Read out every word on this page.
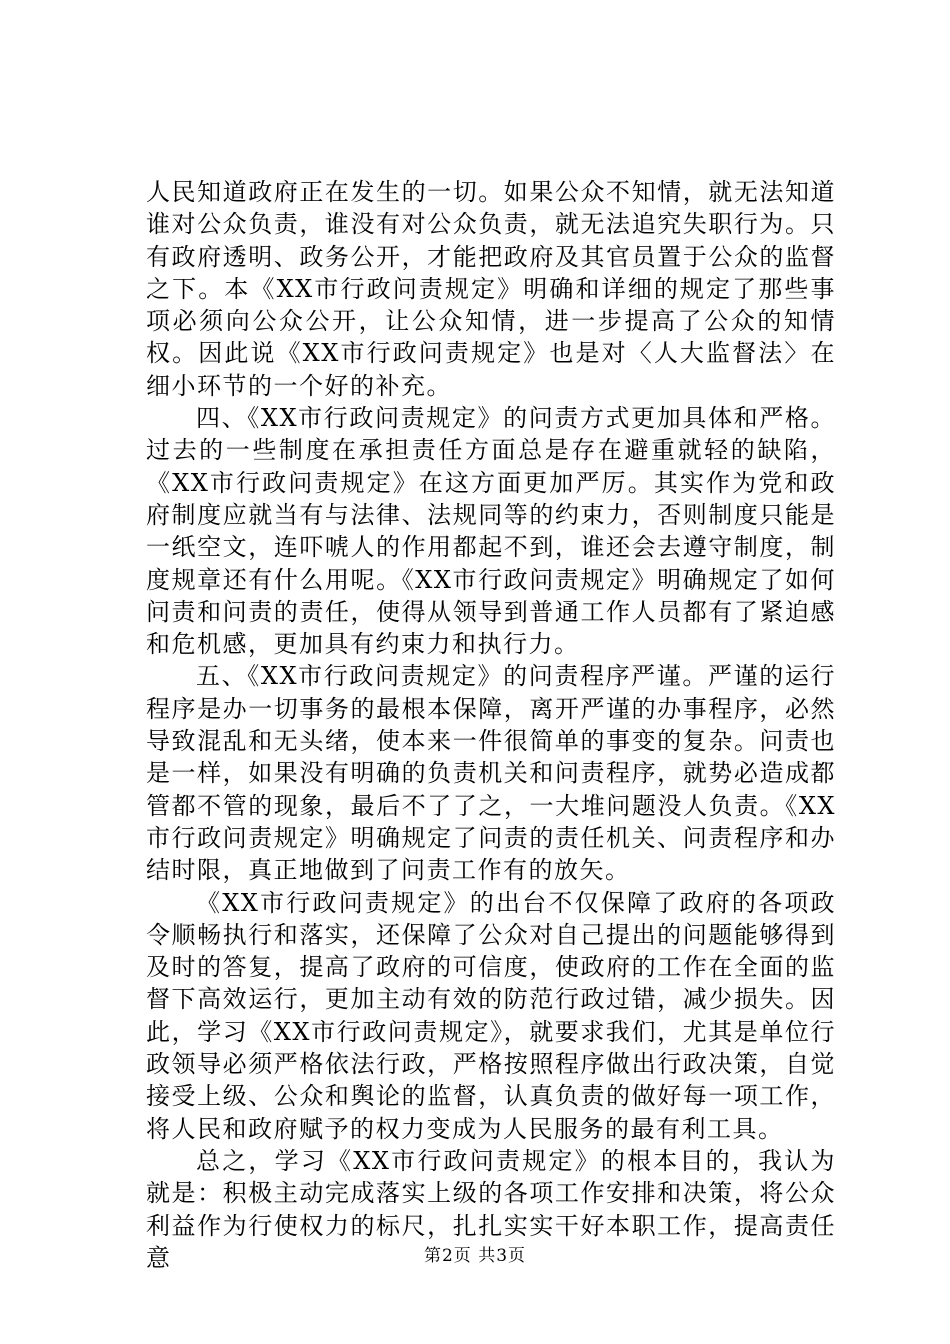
人民知道政府正在发生的一切。如果公众不知情，就无法知道谁对公众负责，谁没有对公众负责，就无法追究失职行为。只有政府透明、政务公开，才能把政府及其官员置于公众的监督之下。本《XX市行政问责规定》明确和详细的规定了那些事项必须向公众公开，让公众知情，进一步提高了公众的知情权。因此说《XX市行政问责规定》也是对〈人大监督法〉在细小环节的一个好的补充。

四、《XX市行政问责规定》的问责方式更加具体和严格。过去的一些制度在承担责任方面总是存在避重就轻的缺陷，《XX市行政问责规定》在这方面更加严厉。其实作为党和政府制度应就当有与法律、法规同等的约束力，否则制度只能是一纸空文，连吓唬人的作用都起不到，谁还会去遵守制度，制度规章还有什么用呢。《XX市行政问责规定》明确规定了如何问责和问责的责任，使得从领导到普通工作人员都有了紧迫感和危机感，更加具有约束力和执行力。

五、《XX市行政问责规定》的问责程序严谨。严谨的运行程序是办一切事务的最根本保障，离开严谨的办事程序，必然导致混乱和无头绪，使本来一件很简单的事变的复杂。问责也是一样，如果没有明确的负责机关和问责程序，就势必造成都管都不管的现象，最后不了了之，一大堆问题没人负责。《XX市行政问责规定》明确规定了问责的责任机关、问责程序和办结时限，真正地做到了问责工作有的放矢。

《XX市行政问责规定》的出台不仅保障了政府的各项政令顺畅执行和落实，还保障了公众对自己提出的问题能够得到及时的答复，提高了政府的可信度，使政府的工作在全面的监督下高效运行，更加主动有效的防范行政过错，减少损失。因此，学习《XX市行政问责规定》，就要求我们，尤其是单位行政领导必须严格依法行政，严格按照程序做出行政决策，自觉接受上级、公众和舆论的监督，认真负责的做好每一项工作，将人民和政府赋予的权力变成为人民服务的最有利工具。

总之，学习《XX市行政问责规定》的根本目的，我认为就是：积极主动完成落实上级的各项工作安排和决策，将公众利益作为行使权力的标尺，扎扎实实干好本职工作，提高责任意	第2页 共3页
